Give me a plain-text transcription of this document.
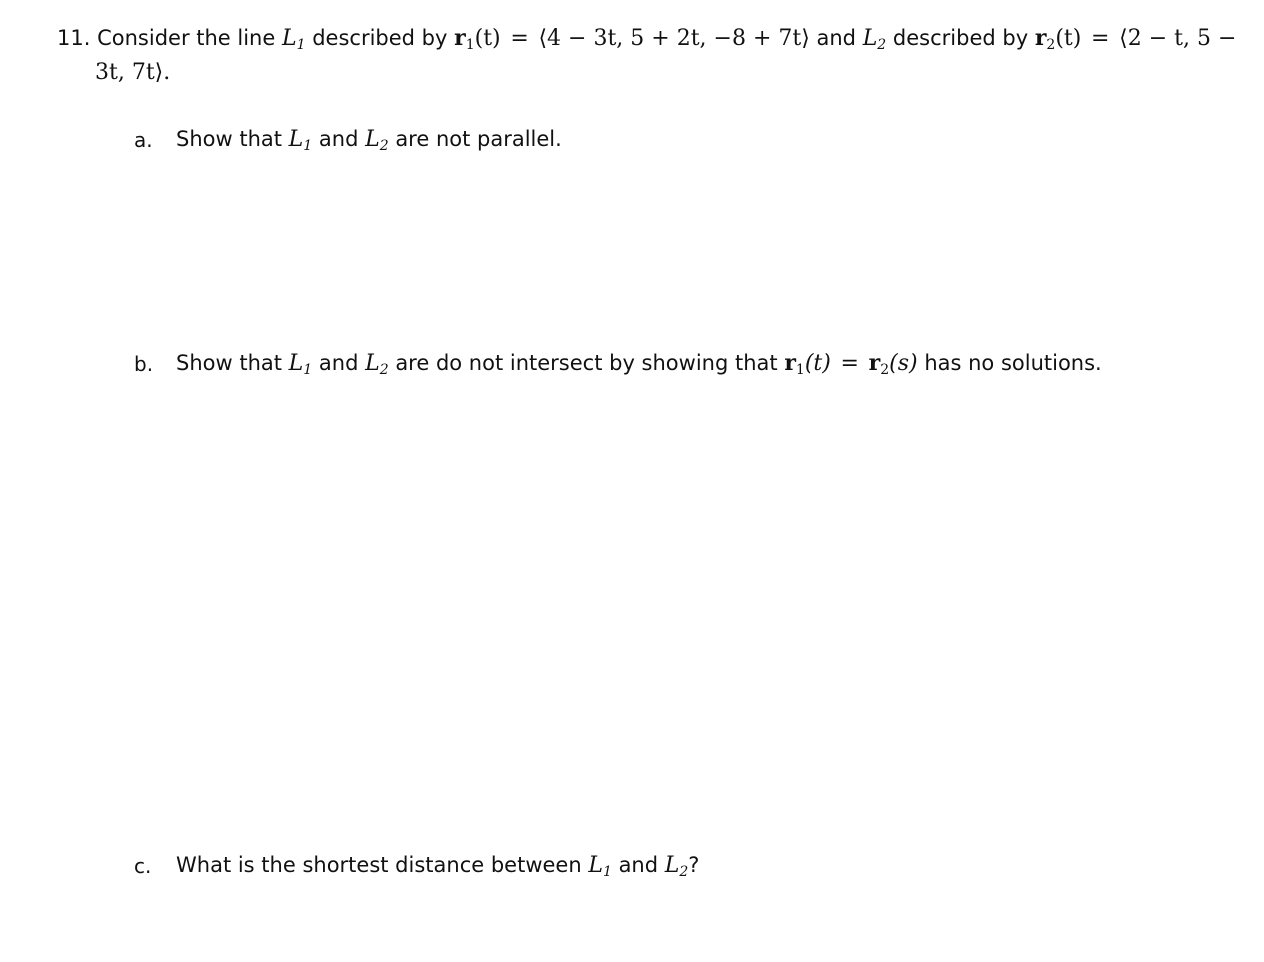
11. Consider the line $L_1$ described by $r_1(t)$ = ⟨4 − 3t, 5 + 2t, −8 + 7t⟩ and $L_2$ described by $r_2(t)$ = ⟨2 − t, 5 −
3t, 7t⟩.
a. Show that $L_1$ and $L_2$ are not parallel.
b. Show that $L_1$ and $L_2$ are do not intersect by showing that $r_1(t) = r_2(s)$ has no solutions.
c. What is the shortest distance between $L_1$ and $L_2$?
